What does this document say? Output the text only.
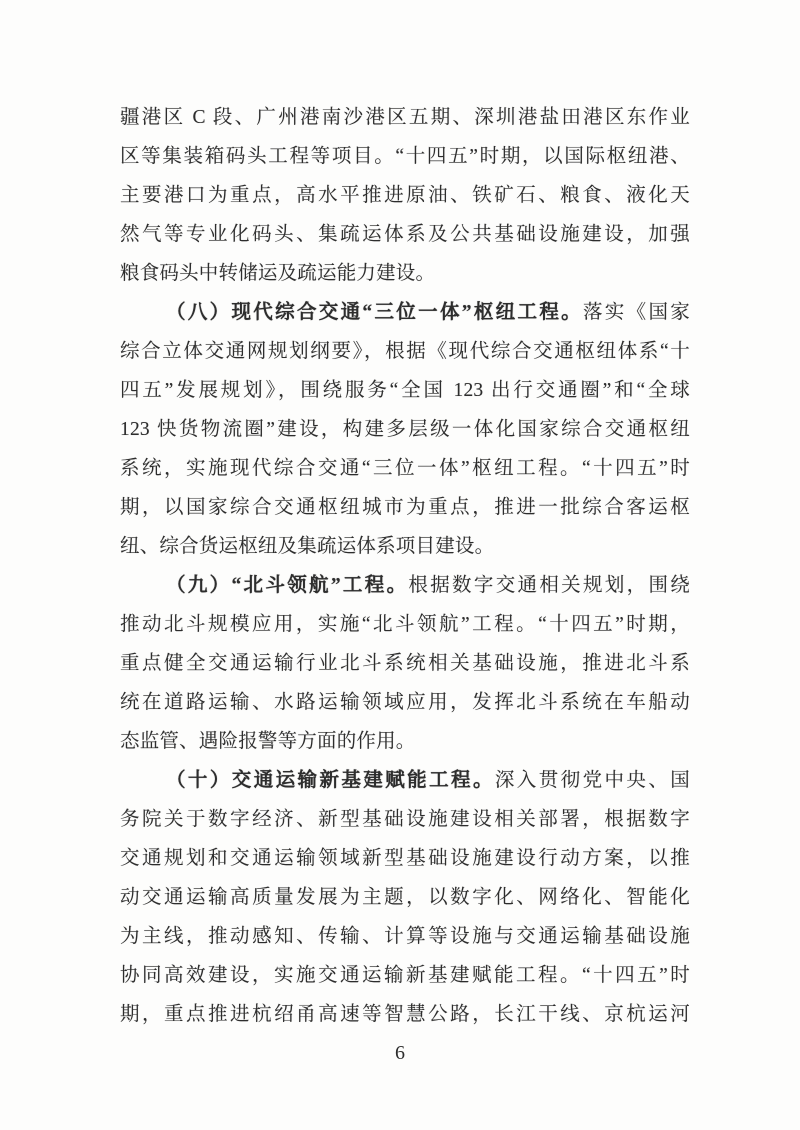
疆港区 C 段、广州港南沙港区五期、深圳港盐田港区东作业
区等集装箱码头工程等项目。“十四五”时期，以国际枢纽港、
主要港口为重点，高水平推进原油、铁矿石、粮食、液化天
然气等专业化码头、集疏运体系及公共基础设施建设，加强
粮食码头中转储运及疏运能力建设。
（八）现代综合交通“三位一体”枢纽工程。落实《国家
综合立体交通网规划纲要》，根据《现代综合交通枢纽体系“十
四五”发展规划》，围绕服务“全国 123 出行交通圈”和“全球
123 快货物流圈”建设，构建多层级一体化国家综合交通枢纽
系统，实施现代综合交通“三位一体”枢纽工程。“十四五”时
期，以国家综合交通枢纽城市为重点，推进一批综合客运枢
纽、综合货运枢纽及集疏运体系项目建设。
（九）“北斗领航”工程。根据数字交通相关规划，围绕
推动北斗规模应用，实施“北斗领航”工程。“十四五”时期，
重点健全交通运输行业北斗系统相关基础设施，推进北斗系
统在道路运输、水路运输领域应用，发挥北斗系统在车船动
态监管、遇险报警等方面的作用。
（十）交通运输新基建赋能工程。深入贯彻党中央、国
务院关于数字经济、新型基础设施建设相关部署，根据数字
交通规划和交通运输领域新型基础设施建设行动方案，以推
动交通运输高质量发展为主题，以数字化、网络化、智能化
为主线，推动感知、传输、计算等设施与交通运输基础设施
协同高效建设，实施交通运输新基建赋能工程。“十四五”时
期，重点推进杭绍甬高速等智慧公路，长江干线、京杭运河
6
